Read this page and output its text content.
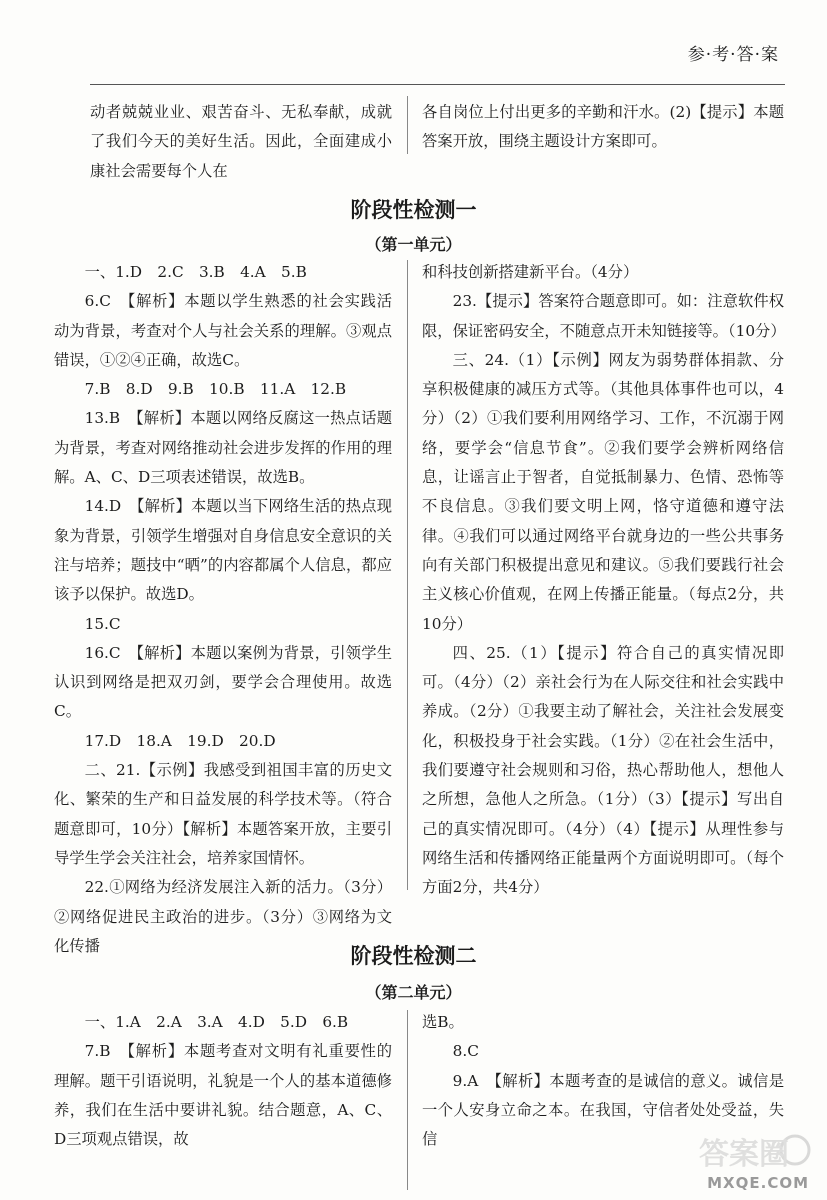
参·考·答·案

动者兢兢业业、艰苦奋斗、无私奉献，成就了我们今天的美好生活。因此，全面建成小康社会需要每个人在

各自岗位上付出更多的辛勤和汗水。(2)【提示】本题答案开放，围绕主题设计方案即可。

阶段性检测一
（第一单元）

一、1.D　2.C　3.B　4.A　5.B

6.C　【解析】本题以学生熟悉的社会实践活动为背景，考查对个人与社会关系的理解。③观点错误，①②④正确，故选C。

7.B　8.D　9.B　10.B　11.A　12.B

13.B　【解析】本题以网络反腐这一热点话题为背景，考查对网络推动社会进步发挥的作用的理解。A、C、D三项表述错误，故选B。

14.D　【解析】本题以当下网络生活的热点现象为背景，引领学生增强对自身信息安全意识的关注与培养；题技中“晒”的内容都属个人信息，都应该予以保护。故选D。

15.C

16.C　【解析】本题以案例为背景，引领学生认识到网络是把双刃剑，要学会合理使用。故选C。

17.D　18.A　19.D　20.D

二、21.【示例】我感受到祖国丰富的历史文化、繁荣的生产和日益发展的科学技术等。（符合题意即可，10分）【解析】本题答案开放，主要引导学生学会关注社会，培养家国情怀。

22.①网络为经济发展注入新的活力。（3分）②网络促进民主政治的进步。（3分）③网络为文化传播

和科技创新搭建新平台。（4分）

23.【提示】答案符合题意即可。如：注意软件权限，保证密码安全，不随意点开未知链接等。（10分）

三、24.（1）【示例】网友为弱势群体捐款、分享积极健康的减压方式等。（其他具体事件也可以，4分）（2）①我们要利用网络学习、工作，不沉溺于网络，要学会“信息节食”。②我们要学会辨析网络信息，让谣言止于智者，自觉抵制暴力、色情、恐怖等不良信息。③我们要文明上网，恪守道德和遵守法律。④我们可以通过网络平台就身边的一些公共事务向有关部门积极提出意见和建议。⑤我们要践行社会主义核心价值观，在网上传播正能量。（每点2分，共10分）

四、25.（1）【提示】符合自己的真实情况即可。（4分）（2）亲社会行为在人际交往和社会实践中养成。（2分）①我要主动了解社会，关注社会发展变化，积极投身于社会实践。（1分）②在社会生活中，我们要遵守社会规则和习俗，热心帮助他人，想他人之所想，急他人之所急。（1分）（3）【提示】写出自己的真实情况即可。（4分）（4）【提示】从理性参与网络生活和传播网络正能量两个方面说明即可。（每个方面2分，共4分）

阶段性检测二
（第二单元）

一、1.A　2.A　3.A　4.D　5.D　6.B

7.B　【解析】本题考查对文明有礼重要性的理解。题干引语说明，礼貌是一个人的基本道德修养，我们在生活中要讲礼貌。结合题意，A、C、D三项观点错误，故

选B。

8.C

9.A　【解析】本题考查的是诚信的意义。诚信是一个人安身立命之本。在我国，守信者处处受益，失信	答案圈
MXQE.COM
